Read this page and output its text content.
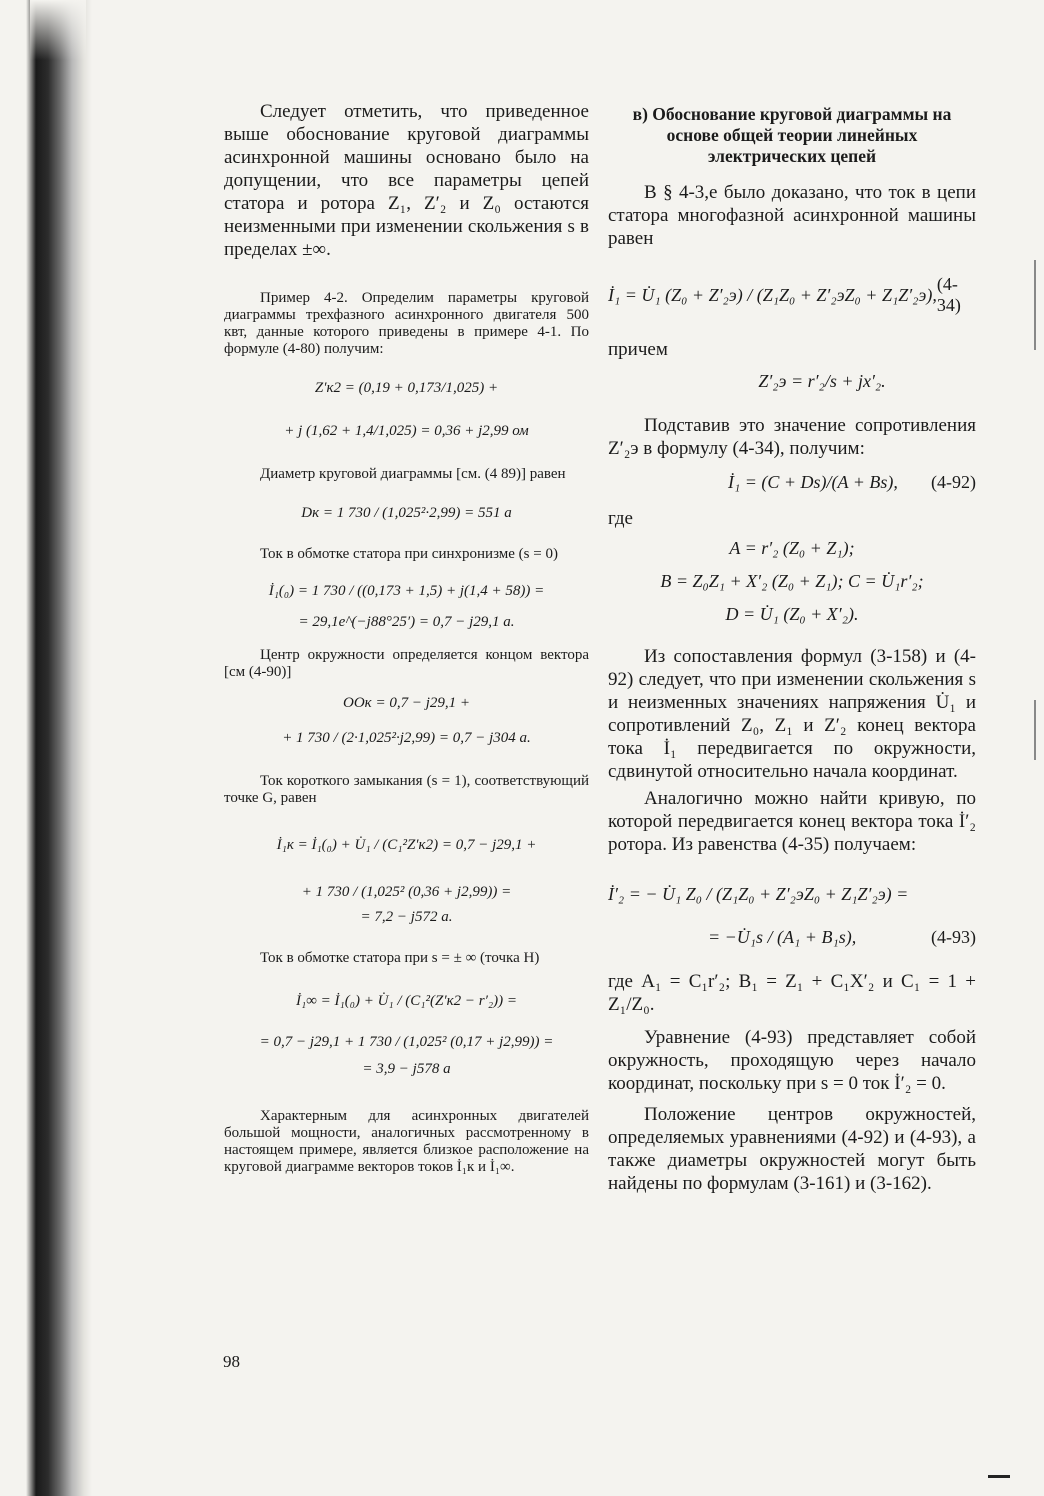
Следует отметить, что приведенное выше обоснование круговой диаграммы асинхронной машины основано было на допущении, что все параметры цепей статора и ротора Z₁, Z′₂ и Z₀ остаются неизменными при изменении скольжения s в пределах ±∞.

Пример 4-2. Определим параметры круговой диаграммы трехфазного асинхронного двигателя 500 квт, данные которого приведены в примере 4-1. По формуле (4-80) получим:

Z′к2 = (0,19 + 0,173/1,025) +
+ j (1,62 + 1,4/1,025) = 0,36 + j2,99 ом

Диаметр круговой диаграммы [см. (4 89)] равен

Dк = 1 730 / (1,025²·2,99) = 551 а

Ток в обмотке статора при синхронизме (s = 0)

İ₁(₀) = 1 730 / ((0,173 + 1,5) + j(1,4 + 58)) =
= 29,1e^(−j88°25′) = 0,7 − j29,1 а.

Центр окружности определяется концом вектора [см (4-90)]

OOк = 0,7 − j29,1 +
+ 1 730 / (2·1,025²·j2,99) = 0,7 − j304 а.

Ток короткого замыкания (s = 1), соответствующий точке G, равен

İ₁к = İ₁(₀) + U̇₁ / (C₁²Z′к2) = 0,7 − j29,1 +
+ 1 730 / (1,025² (0,36 + j2,99)) =
= 7,2 − j572 а.

Ток в обмотке статора при s = ± ∞ (точка H)

İ₁∞ = İ₁(₀) + U̇₁ / (C₁²(Z′к2 − r′₂)) =
= 0,7 − j29,1 + 1 730 / (1,025² (0,17 + j2,99)) =
= 3,9 − j578 а

Характерным для асинхронных двигателей большой мощности, аналогичных рассмотренному в настоящем примере, является близкое расположение на круговой диаграмме векторов токов İ₁к и İ₁∞.

в) Обоснование круговой диаграммы на основе общей теории линейных электрических цепей

В § 4-3,е было доказано, что ток в цепи статора многофазной асинхронной машины равен

İ₁ = U̇₁ (Z₀ + Z′₂э) / (Z₁Z₀ + Z′₂эZ₀ + Z₁Z′₂э),
(4-34)

причем

Z′₂э = r′₂/s + jx′₂.

Подставив это значение сопротивления Z′₂э в формулу (4-34), получим:

İ₁ = (C + Ds)/(A + Bs), (4-92)

где

A = r′₂ (Z₀ + Z₁);
B = Z₀Z₁ + X′₂ (Z₀ + Z₁); C = U̇₁r′₂;
D = U̇₁ (Z₀ + X′₂).

Из сопоставления формул (3-158) и (4-92) следует, что при изменении скольжения s и неизменных значениях напряжения U̇₁ и сопротивлений Z₀, Z₁ и Z′₂ конец вектора тока İ₁ передвигается по окружности, сдвинутой относительно начала координат.

Аналогично можно найти кривую, по которой передвигается конец вектора тока İ′₂ ротора. Из равенства (4-35) получаем:

İ′₂ = − U̇₁ Z₀ / (Z₁Z₀ + Z′₂эZ₀ + Z₁Z′₂э) =
= −U̇₁s / (A₁ + B₁s),	(4-93)

где A₁ = C₁r′₂; B₁ = Z₁ + C₁X′₂ и C₁ = 1 + Z₁/Z₀.

Уравнение (4-93) представляет собой окружность, проходящую через начало координат, поскольку при s = 0 ток İ′₂ = 0.

Положение центров окружностей, определяемых уравнениями (4-92) и (4-93), а также диаметры окружностей могут быть найдены по формулам (3-161) и (3-162).

98
